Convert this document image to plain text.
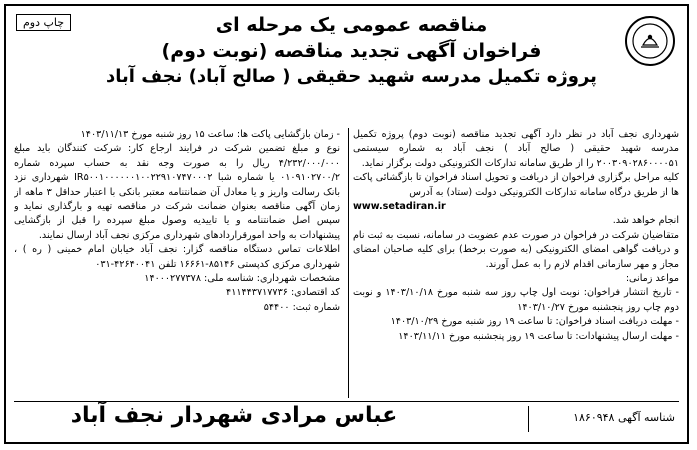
چاپ دوم	مناقصه عمومی یک مرحله ای
فراخوان آگهی تجدید مناقصه (نوبت دوم)
پروژه تکمیل مدرسه شهید حقیقی ( صالح آباد) نجف آباد

شهرداری نجف آباد در نظر دارد آگهی تجدید مناقصه (نوبت دوم) پروژه تکمیل مدرسه شهید حقیقی ( صالح آباد ) نجف آباد به شماره سیستمی ۲۰۰۳۰۹۰۲۸۶۰۰۰۰۵۱ را از طریق سامانه تدارکات الکترونیکی دولت برگزار نماید.

کلیه مراحل برگزاری فراخوان از دریافت و تحویل اسناد فراخوان تا بازگشائی پاکت ها از طریق درگاه سامانه تدارکات الکترونیکی دولت (ستاد) به آدرس

www.setadiran.ir

انجام خواهد شد.

متقاضیان شرکت در فراخوان در صورت عدم عضویت در سامانه، نسبت به ثبت نام و دریافت گواهی امضای الکترونیکی (به صورت برخط) برای کلیه صاحبان امضای مجاز و مهر سازمانی اقدام لازم را به عمل آورند.

مواعد زمانی:

- تاریخ انتشار فراخوان: نوبت اول چاپ روز سه شنبه مورخ ۱۴۰۳/۱۰/۱۸ و نوبت دوم چاپ روز پنجشنبه مورخ ۱۴۰۳/۱۰/۲۷

- مهلت دریافت اسناد فراخوان: تا ساعت ۱۹ روز شنبه مورخ ۱۴۰۳/۱۰/۲۹

- مهلت ارسال پیشنهادات: تا ساعت ۱۹ روز پنجشنبه مورخ ۱۴۰۳/۱۱/۱۱

- زمان بازگشایی پاکت ها: ساعت ۱۵ روز شنبه مورخ ۱۴۰۳/۱۱/۱۳

نوع و مبلغ تضمین شرکت در فرایند ارجاع کار: شرکت کنندگان باید مبلغ ۴/۲۳۲/۰۰۰/۰۰۰ ریال را به صورت وجه نقد به حساب سپرده شماره ۰۱۰۹۱۰۲۷۰۰/۲ یا شماره شبا IR۵۰۰۱۰۰۰۰۰۰۱۰۰۲۲۹۱۰۷۴۷۰۰۰۲ شهرداری نزد بانک رسالت واریز و یا معادل آن ضمانتنامه معتبر بانکی با اعتبار حداقل ۳ ماهه از زمان آگهی مناقصه بعنوان ضمانت شرکت در مناقصه تهیه و بارگذاری نماید و سپس اصل ضمانتنامه و یا تاییدیه وصول مبلغ سپرده را قبل از بازگشایی پیشنهادات به واحد امورقراردادهای شهرداری مرکزی نجف آباد ارسال نمایند.

اطلاعات تماس دستگاه مناقصه گزار: نجف آباد خیابان امام خمینی ( ره ) ، شهرداری مرکزی کدپستی ۸۵۱۴۶-۱۶۶۶۱ تلفن ۴۲۶۴۰۰۴۱-۰۳۱

مشخصات شهرداری: شناسه ملی: ۱۴۰۰۰۲۷۷۳۷۸

کد اقتصادی: ۴۱۱۴۴۳۷۱۷۷۳۶

شماره ثبت: ۵۴۴۰۰

شناسه آگهی ۱۸۶۰۹۴۸
عباس مرادی شهردار نجف آباد
